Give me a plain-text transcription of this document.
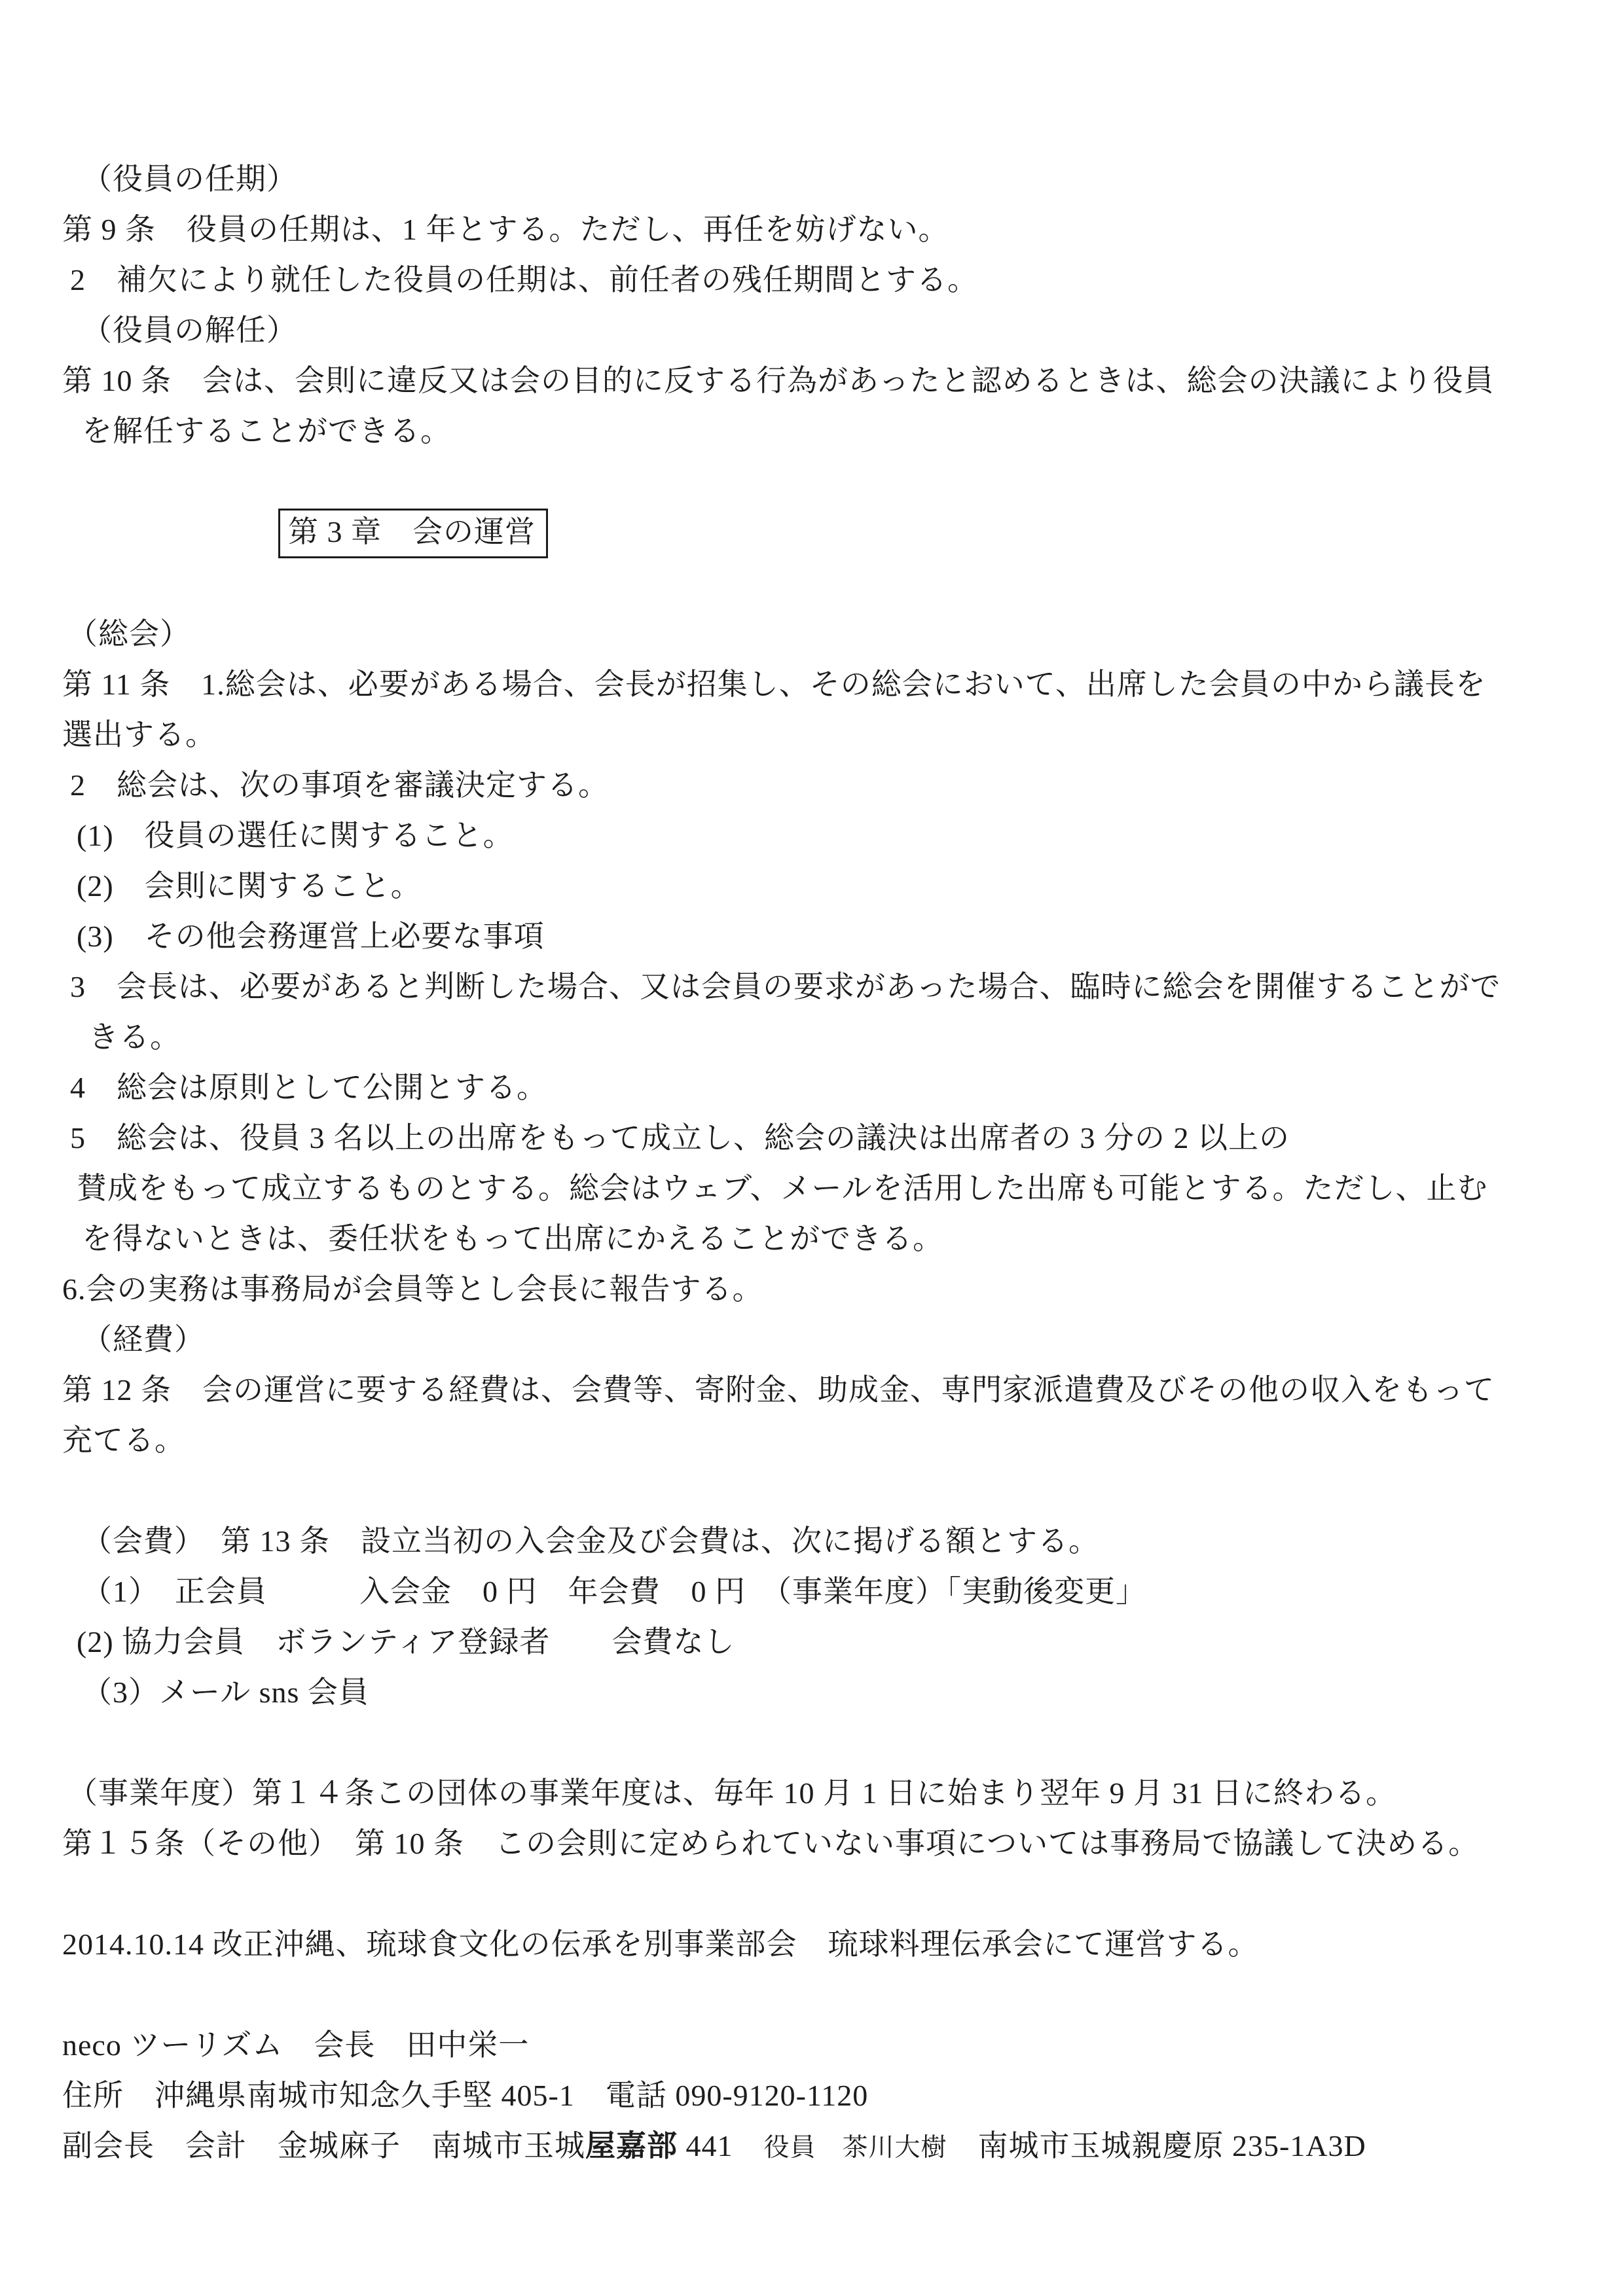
（役員の任期）

第 9 条　役員の任期は、1 年とする。ただし、再任を妨げない。

2　補欠により就任した役員の任期は、前任者の残任期間とする。

（役員の解任）

第 10 条　会は、会則に違反又は会の目的に反する行為があったと認めるときは、総会の決議により役員

を解任することができる。

第 3 章　会の運営

（総会）

第 11 条　1.総会は、必要がある場合、会長が招集し、その総会において、出席した会員の中から議長を

選出する。

2　総会は、次の事項を審議決定する。

(1)　役員の選任に関すること。

(2)　会則に関すること。

(3)　その他会務運営上必要な事項

3　会長は、必要があると判断した場合、又は会員の要求があった場合、臨時に総会を開催することがで

きる。

4　総会は原則として公開とする。

5　総会は、役員 3 名以上の出席をもって成立し、総会の議決は出席者の 3 分の 2 以上の

賛成をもって成立するものとする。総会はウェブ、メールを活用した出席も可能とする。ただし、止む

を得ないときは、委任状をもって出席にかえることができる。

6.会の実務は事務局が会員等とし会長に報告する。

（経費）

第 12 条　会の運営に要する経費は、会費等、寄附金、助成金、専門家派遣費及びその他の収入をもって

充てる。

（会費）　第 13 条　設立当初の入会金及び会費は、次に掲げる額とする。

（1）　正会員　　　入会金　0 円　年会費　0 円　（事業年度）「実動後変更」

(2) 協力会員　ボランティア登録者　　会費なし

（3）メール sns 会員

（事業年度）第１４条この団体の事業年度は、毎年 10 月 1 日に始まり翌年 9 月 31 日に終わる。

第１５条（その他）　第 10 条　この会則に定められていない事項については事務局で協議して決める。

2014.10.14 改正沖縄、琉球食文化の伝承を別事業部会　琉球料理伝承会にて運営する。

neco ツーリズム　会長　田中栄一

住所　沖縄県南城市知念久手堅 405-1　電話 090-9120-1120

副会長　会計　金城麻子　南城市玉城屋嘉部 441　役員　茶川大樹　南城市玉城親慶原 235-1A3D
